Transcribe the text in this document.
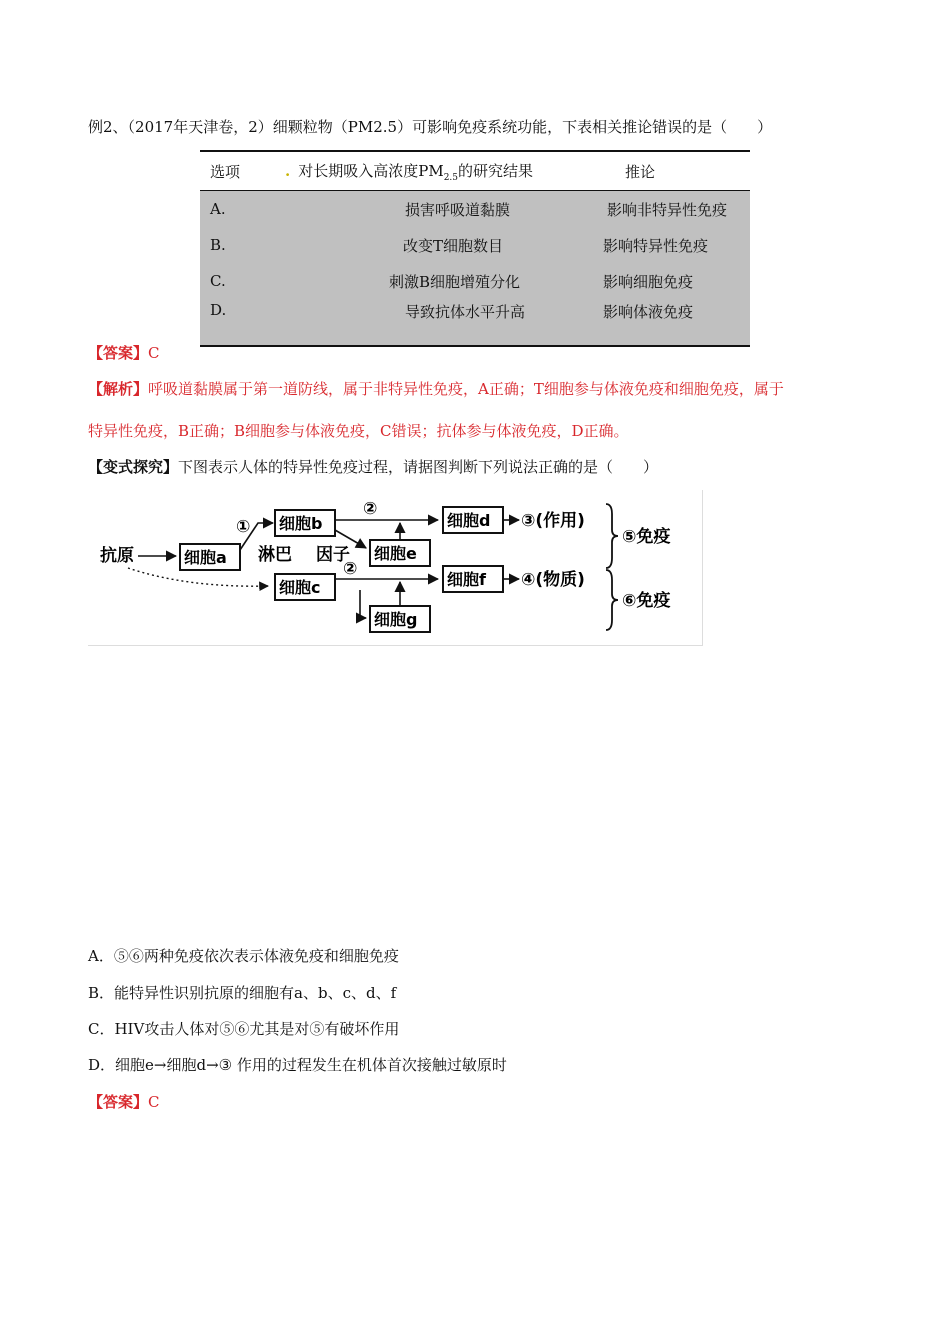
例2、（2017年天津卷，2）细颗粒物（PM2.5）可影响免疫系统功能，下表相关推论错误的是（　　）
选项	. 对长期吸入高浓度$PM_{2.5}$的研究结果	推论
A.	损害呼吸道黏膜	影响非特异性免疫
B.	改变T细胞数目	影响特异性免疫
C.	刺激B细胞增殖分化	影响细胞免疫
D.	导致抗体水平升高	影响体液免疫
【答案】C
【解析】呼吸道黏膜属于第一道防线，属于非特异性免疫，A正确；T细胞参与体液免疫和细胞免疫，属于
特异性免疫，B正确；B细胞参与体液免疫，C错误；抗体参与体液免疫，D正确。
【变式探究】下图表示人体的特异性免疫过程，请据图判断下列说法正确的是（　　）
抗原	细胞a
① 细胞b
②
淋巴 因子 细胞e
细胞d ③(作用)
⑤免疫
细胞c
②
细胞g
细胞f ④(物质)
⑥免疫
A．⑤⑥两种免疫依次表示体液免疫和细胞免疫
B．能特异性识别抗原的细胞有a、b、c、d、f
C．HIV攻击人体对⑤⑥尤其是对⑤有破坏作用
D．细胞e→细胞d→③ 作用的过程发生在机体首次接触过敏原时
【答案】C
